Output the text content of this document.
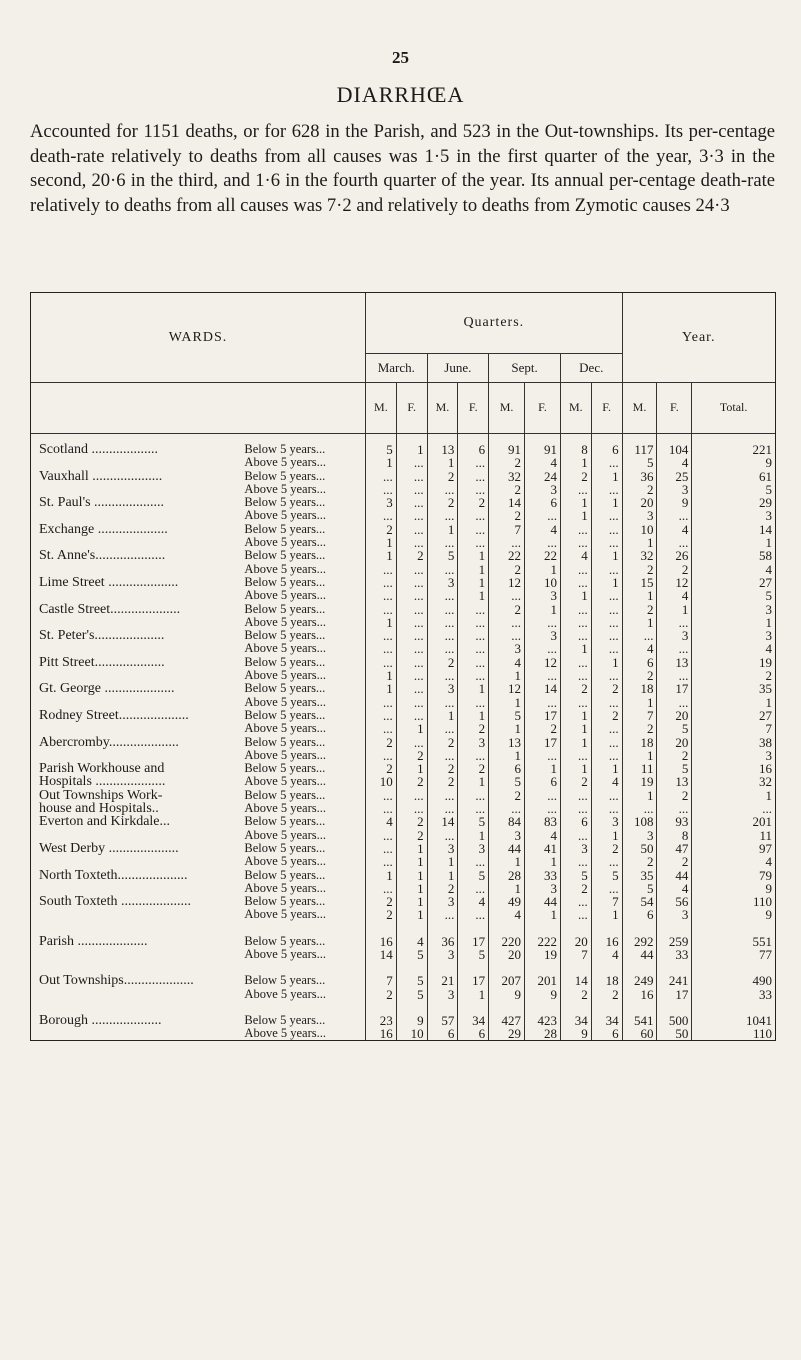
25
DIARRHŒA

Accounted for 1151 deaths, or for 628 in the Parish, and 523 in the Out-townships. Its per-centage death-rate relatively to deaths from all causes was 1·5 in the first quarter of the year, 3·3 in the second, 20·6 in the third, and 1·6 in the fourth quarter of the year. Its annual per-centage death-rate relatively to deaths from all causes was 7·2 and relatively to deaths from Zymotic causes 24·3

WARDS.		Quarters.								Year.		
		March.		June.		Sept.		Dec.				
		M.	F.	M.	F.	M.	F.	M.	F.	M.	F.	Total.
Scotland ...................	Below 5 years...	5	1	13	6	91	91	8	6	117	104	221
	Above 5 years...	1	...	1	...	2	4	1	...	5	4	9
Vauxhall ....................	Below 5 years...	...	...	2	...	32	24	2	1	36	25	61
	Above 5 years...	...	...	...	...	2	3	...	...	2	3	5
St. Paul's ....................	Below 5 years...	3	...	2	2	14	6	1	1	20	9	29
	Above 5 years...	...	...	...	...	2	...	1	...	3	...	3
Exchange ....................	Below 5 years...	2	...	1	...	7	4	...	...	10	4	14
	Above 5 years...	1	...	...	...	...	...	...	...	1	...	1
St. Anne's....................	Below 5 years...	1	2	5	1	22	22	4	1	32	26	58
	Above 5 years...	...	...	...	1	2	1	...	...	2	2	4
Lime Street ....................	Below 5 years...	...	...	3	1	12	10	...	1	15	12	27
	Above 5 years...	...	...	...	1	...	3	1	...	1	4	5
Castle Street....................	Below 5 years...	...	...	...	...	2	1	...	...	2	1	3
	Above 5 years...	1	...	...	...	...	...	...	...	1	...	1
St. Peter's....................	Below 5 years...	...	...	...	...	...	3	...	...	...	3	3
	Above 5 years...	...	...	...	...	3	...	1	...	4	...	4
Pitt Street....................	Below 5 years...	...	...	2	...	4	12	...	1	6	13	19
	Above 5 years...	1	...	...	...	1	...	...	...	2	...	2
Gt. George ....................	Below 5 years...	1	...	3	1	12	14	2	2	18	17	35
	Above 5 years...	...	...	...	...	1	...	...	...	1	...	1
Rodney Street....................	Below 5 years...	...	...	1	1	5	17	1	2	7	20	27
	Above 5 years...	...	1	...	2	1	2	1	...	2	5	7
Abercromby....................	Below 5 years...	2	...	2	3	13	17	1	...	18	20	38
	Above 5 years...	...	2	...	...	1	...	...	...	1	2	3
Parish Workhouse and	Below 5 years...	2	1	2	2	6	1	1	1	11	5	16
Hospitals ....................	Above 5 years...	10	2	2	1	5	6	2	4	19	13	32
Out Townships Work-	Below 5 years...	...	...	...	...	2	...	...	...	1	2	1
house and Hospitals..	Above 5 years...	...	...	...	...	...	...	...	...	...	...	...
Everton and Kirkdale...	Below 5 years...	4	2	14	5	84	83	6	3	108	93	201
	Above 5 years...	...	2	...	1	3	4	...	1	3	8	11
West Derby ....................	Below 5 years...	...	1	3	3	44	41	3	2	50	47	97
	Above 5 years...	...	1	1	...	1	1	...	...	2	2	4
North Toxteth....................	Below 5 years...	1	1	1	5	28	33	5	5	35	44	79
	Above 5 years...	...	1	2	...	1	3	2	...	5	4	9
South Toxteth ....................	Below 5 years...	2	1	3	4	49	44	...	7	54	56	110
	Above 5 years...	2	1	...	...	4	1	...	1	6	3	9
Parish ....................	Below 5 years...	16	4	36	17	220	222	20	16	292	259	551
	Above 5 years...	14	5	3	5	20	19	7	4	44	33	77
Out Townships....................	Below 5 years...	7	5	21	17	207	201	14	18	249	241	490
	Above 5 years...	2	5	3	1	9	9	2	2	16	17	33
Borough ....................	Below 5 years...	23	9	57	34	427	423	34	34	541	500	1041
	Above 5 years...	16	10	6	6	29	28	9	6	60	50	110
